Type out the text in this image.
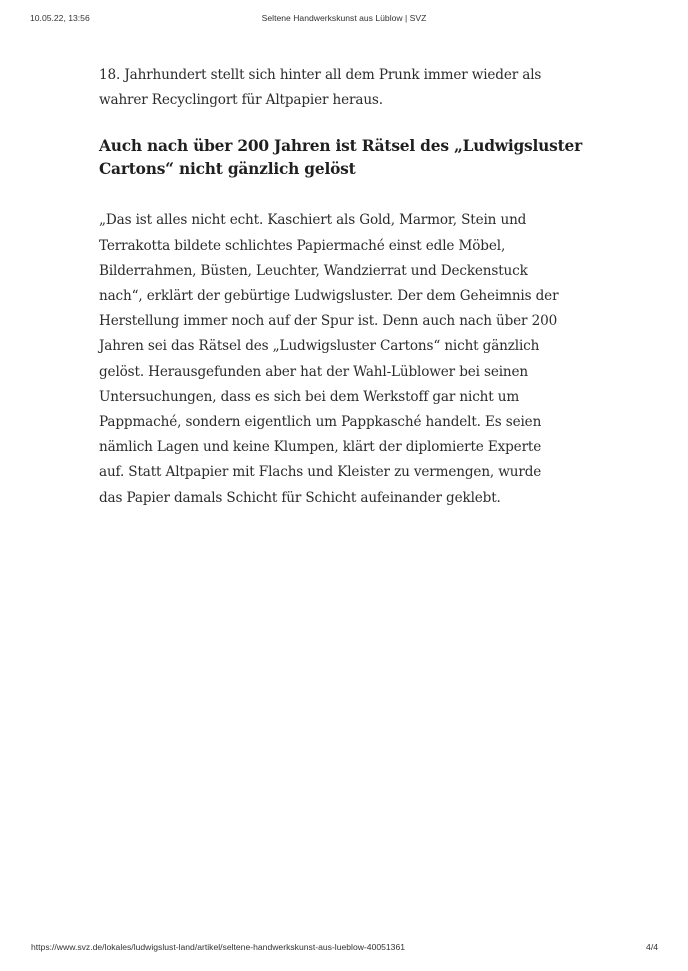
10.05.22, 13:56	Seltene Handwerkskunst aus Lüblow | SVZ

18. Jahrhundert stellt sich hinter all dem Prunk immer wieder als
wahrer Recyclingort für Altpapier heraus.

Auch nach über 200 Jahren ist Rätsel des „Ludwigsluster
Cartons“ nicht gänzlich gelöst

„Das ist alles nicht echt. Kaschiert als Gold, Marmor, Stein und
Terrakotta bildete schlichtes Papiermaché einst edle Möbel,
Bilderrahmen, Büsten, Leuchter, Wandzierrat und Deckenstuck
nach“, erklärt der gebürtige Ludwigsluster. Der dem Geheimnis der
Herstellung immer noch auf der Spur ist. Denn auch nach über 200
Jahren sei das Rätsel des „Ludwigsluster Cartons“ nicht gänzlich
gelöst. Herausgefunden aber hat der Wahl-Lüblower bei seinen
Untersuchungen, dass es sich bei dem Werkstoff gar nicht um
Pappmaché, sondern eigentlich um Pappkasché handelt. Es seien
nämlich Lagen und keine Klumpen, klärt der diplomierte Experte
auf. Statt Altpapier mit Flachs und Kleister zu vermengen, wurde
das Papier damals Schicht für Schicht aufeinander geklebt.

https://www.svz.de/lokales/ludwigslust-land/artikel/seltene-handwerkskunst-aus-lueblow-40051361	4/4
